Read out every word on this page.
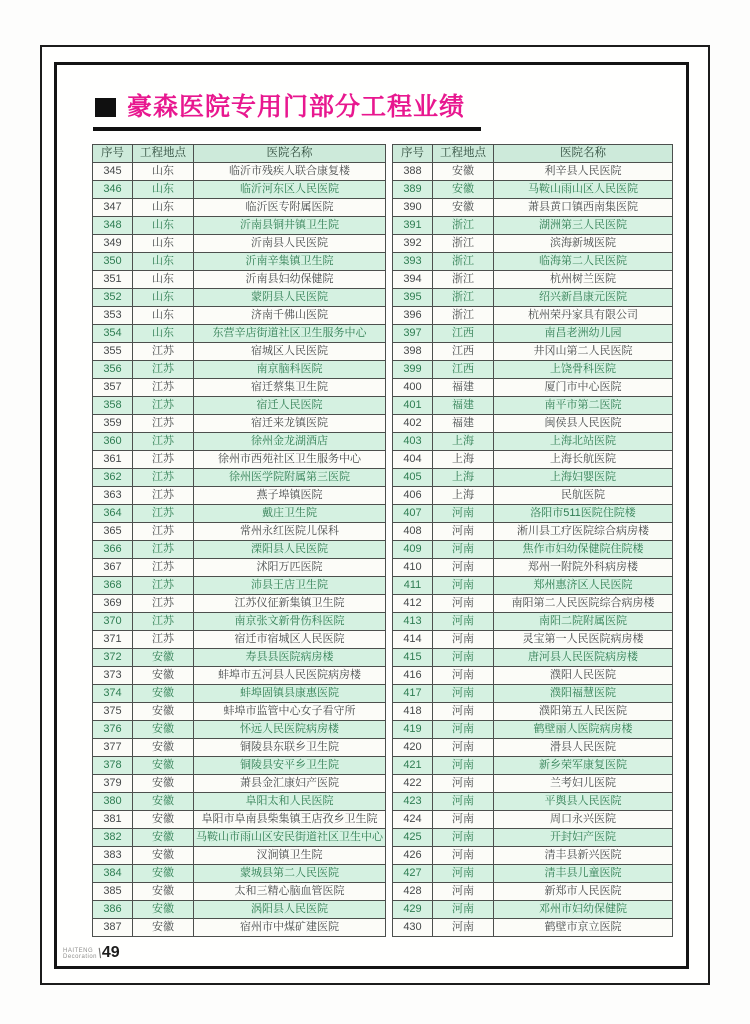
豪森医院专用门部分工程业绩
序号	工程地点	医院名称
345	山东	临沂市残疾人联合康复楼
346	山东	临沂河东区人民医院
347	山东	临沂医专附属医院
348	山东	沂南县铜井镇卫生院
349	山东	沂南县人民医院
350	山东	沂南辛集镇卫生院
351	山东	沂南县妇幼保健院
352	山东	蒙阴县人民医院
353	山东	济南千佛山医院
354	山东	东营辛店街道社区卫生服务中心
355	江苏	宿城区人民医院
356	江苏	南京脑科医院
357	江苏	宿迁蔡集卫生院
358	江苏	宿迁人民医院
359	江苏	宿迁来龙镇医院
360	江苏	徐州金龙湖酒店
361	江苏	徐州市西苑社区卫生服务中心
362	江苏	徐州医学院附属第三医院
363	江苏	燕子埠镇医院
364	江苏	戴庄卫生院
365	江苏	常州永红医院儿保科
366	江苏	溧阳县人民医院
367	江苏	沭阳万匹医院
368	江苏	沛县王店卫生院
369	江苏	江苏仪征新集镇卫生院
370	江苏	南京张文新骨伤科医院
371	江苏	宿迁市宿城区人民医院
372	安徽	寿县县医院病房楼
373	安徽	蚌埠市五河县人民医院病房楼
374	安徽	蚌埠固镇县康惠医院
375	安徽	蚌埠市监管中心女子看守所
376	安徽	怀远人民医院病房楼
377	安徽	铜陵县东联乡卫生院
378	安徽	铜陵县安平乡卫生院
379	安徽	萧县金汇康妇产医院
380	安徽	阜阳太和人民医院
381	安徽	阜阳市阜南县柴集镇王店孜乡卫生院
382	安徽	马鞍山市雨山区安民街道社区卫生中心
383	安徽	汊涧镇卫生院
384	安徽	蒙城县第二人民医院
385	安徽	太和三精心脑血管医院
386	安徽	涡阳县人民医院
387	安徽	宿州市中煤矿建医院
序号	工程地点	医院名称
388	安徽	利辛县人民医院
389	安徽	马鞍山雨山区人民医院
390	安徽	萧县黄口镇西南集医院
391	浙江	湖洲第三人民医院
392	浙江	滨海新城医院
393	浙江	临海第二人民医院
394	浙江	杭州树兰医院
395	浙江	绍兴新昌康元医院
396	浙江	杭州荣丹家具有限公司
397	江西	南昌老洲幼儿园
398	江西	井冈山第二人民医院
399	江西	上饶骨科医院
400	福建	厦门市中心医院
401	福建	南平市第二医院
402	福建	闽侯县人民医院
403	上海	上海北站医院
404	上海	上海长航医院
405	上海	上海妇婴医院
406	上海	民航医院
407	河南	洛阳市511医院住院楼
408	河南	淅川县工疗医院综合病房楼
409	河南	焦作市妇幼保健院住院楼
410	河南	郑州一附院外科病房楼
411	河南	郑州惠济区人民医院
412	河南	南阳第二人民医院综合病房楼
413	河南	南阳二院附属医院
414	河南	灵宝第一人民医院病房楼
415	河南	唐河县人民医院病房楼
416	河南	濮阳人民医院
417	河南	濮阳福慧医院
418	河南	濮阳第五人民医院
419	河南	鹤壁丽人医院病房楼
420	河南	滑县人民医院
421	河南	新乡荣军康复医院
422	河南	兰考妇儿医院
423	河南	平舆县人民医院
424	河南	周口永兴医院
425	河南	开封妇产医院
426	河南	清丰县新兴医院
427	河南	清丰县儿童医院
428	河南	新郑市人民医院
429	河南	邓州市妇幼保健院
430	河南	鹤壁市京立医院
HAITENG
Decoration \
49
